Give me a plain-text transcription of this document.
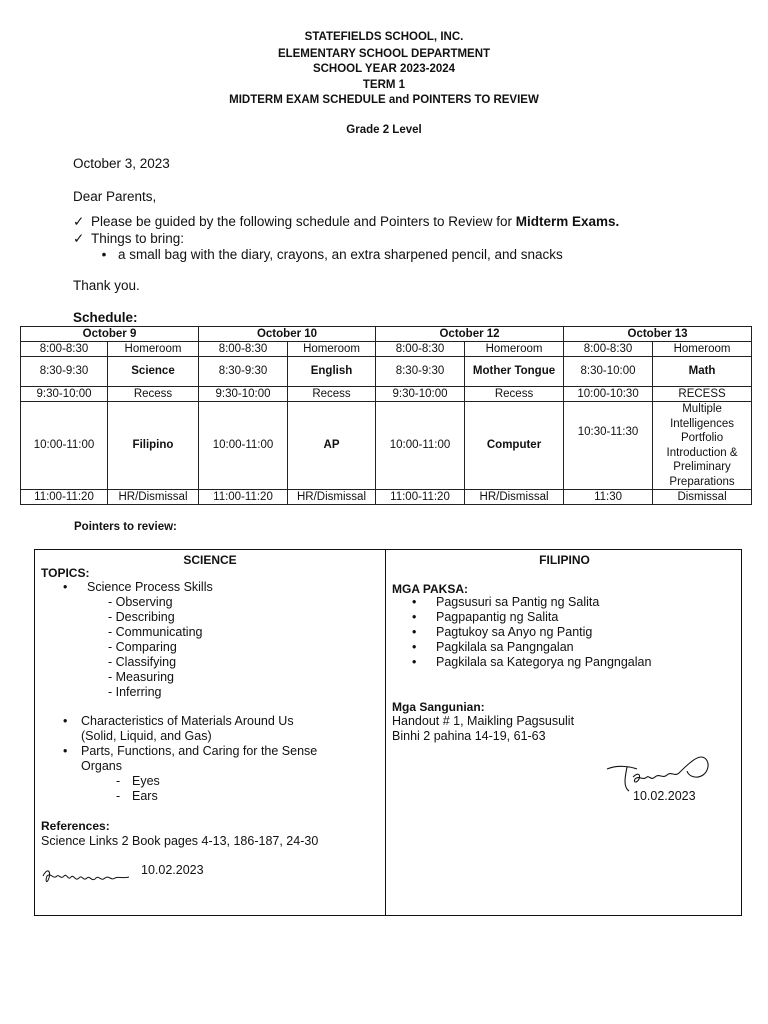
STATEFIELDS SCHOOL, INC.
ELEMENTARY SCHOOL DEPARTMENT
SCHOOL YEAR 2023-2024
TERM 1
MIDTERM EXAM SCHEDULE and POINTERS TO REVIEW
Grade 2 Level
October 3, 2023
Dear Parents,
✓ Please be guided by the following schedule and Pointers to Review for Midterm Exams.
✓ Things to bring:
• a small bag with the diary, crayons, an extra sharpened pencil, and snacks
Thank you.
Schedule:
October 9		October 10		October 12		October 13	
8:00-8:30	Homeroom	8:00-8:30	Homeroom	8:00-8:30	Homeroom	8:00-8:30	Homeroom
8:30-9:30	Science	8:30-9:30	English	8:30-9:30	Mother Tongue	8:30-10:00	Math
9:30-10:00	Recess	9:30-10:00	Recess	9:30-10:00	Recess	10:00-10:30	RECESS
10:00-11:00	Filipino	10:00-11:00	AP	10:00-11:00	Computer	10:30-11:30	Multiple Intelligences Portfolio Introduction & Preliminary Preparations
11:00-11:20	HR/Dismissal	11:00-11:20	HR/Dismissal	11:00-11:20	HR/Dismissal	11:30	Dismissal
Pointers to review:
SCIENCE
TOPICS:
• Science Process Skills
- Observing
- Describing
- Communicating
- Comparing
- Classifying
- Measuring
- Inferring
• Characteristics of Materials Around Us
(Solid, Liquid, and Gas)
• Parts, Functions, and Caring for the Sense
Organs
- Eyes
- Ears
References:
Science Links 2 Book pages 4-13, 186-187, 24-30
10.02.2023
FILIPINO
MGA PAKSA:
• Pagsusuri sa Pantig ng Salita
• Pagpapantig ng Salita
• Pagtukoy sa Anyo ng Pantig
• Pagkilala sa Pangngalan
• Pagkilala sa Kategorya ng Pangngalan
Mga Sangunian:
Handout # 1, Maikling Pagsusulit
Binhi 2 pahina 14-19, 61-63
10.02.2023
